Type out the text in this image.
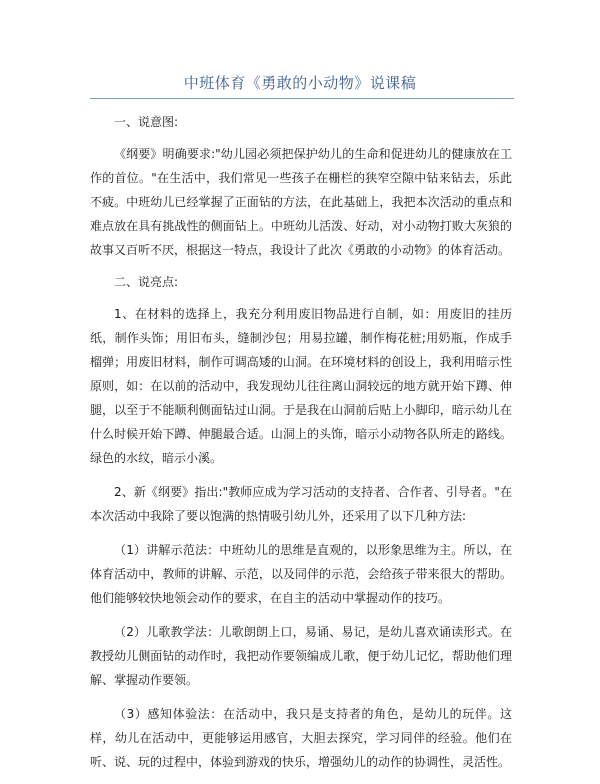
中班体育《勇敢的小动物》说课稿
一、说意图:

《纲要》明确要求:"幼儿园必须把保护幼儿的生命和促进幼儿的健康放在工作的首位。"在生活中，我们常见一些孩子在栅栏的狭窄空隙中钻来钻去，乐此不疲。中班幼儿已经掌握了正面钻的方法，在此基础上，我把本次活动的重点和难点放在具有挑战性的侧面钻上。中班幼儿活泼、好动，对小动物打败大灰狼的故事又百听不厌，根据这一特点，我设计了此次《勇敢的小动物》的体育活动。

二、说亮点:

1、在材料的选择上，我充分利用废旧物品进行自制，如：用废旧的挂历纸，制作头饰；用旧布头，缝制沙包；用易拉罐，制作梅花桩;用奶瓶，作成手榴弹；用废旧材料，制作可调高矮的山洞。在环境材料的创设上，我利用暗示性原则，如：在以前的活动中，我发现幼儿往往离山洞较远的地方就开始下蹲、伸腿，以至于不能顺利侧面钻过山洞。于是我在山洞前后贴上小脚印，暗示幼儿在什么时候开始下蹲、伸腿最合适。山洞上的头饰，暗示小动物各队所走的路线。绿色的水纹，暗示小溪。

2、新《纲要》指出:"教师应成为学习活动的支持者、合作者、引导者。"在本次活动中我除了要以饱满的热情吸引幼儿外，还采用了以下几种方法:

（1）讲解示范法：中班幼儿的思维是直观的，以形象思维为主。所以，在体育活动中，教师的讲解、示范，以及同伴的示范，会给孩子带来很大的帮助。他们能够较快地领会动作的要求，在自主的活动中掌握动作的技巧。

（2）儿歌教学法：儿歌朗朗上口，易诵、易记，是幼儿喜欢诵读形式。在教授幼儿侧面钻的动作时，我把动作要领编成儿歌，便于幼儿记忆，帮助他们理解、掌握动作要领。

（3）感知体验法：在活动中，我只是支持者的角色，是幼儿的玩伴。这样，幼儿在活动中，更能够运用感官，大胆去探究，学习同伴的经验。他们在听、说、玩的过程中，体验到游戏的快乐，增强幼儿的动作的协调性，灵活性。
